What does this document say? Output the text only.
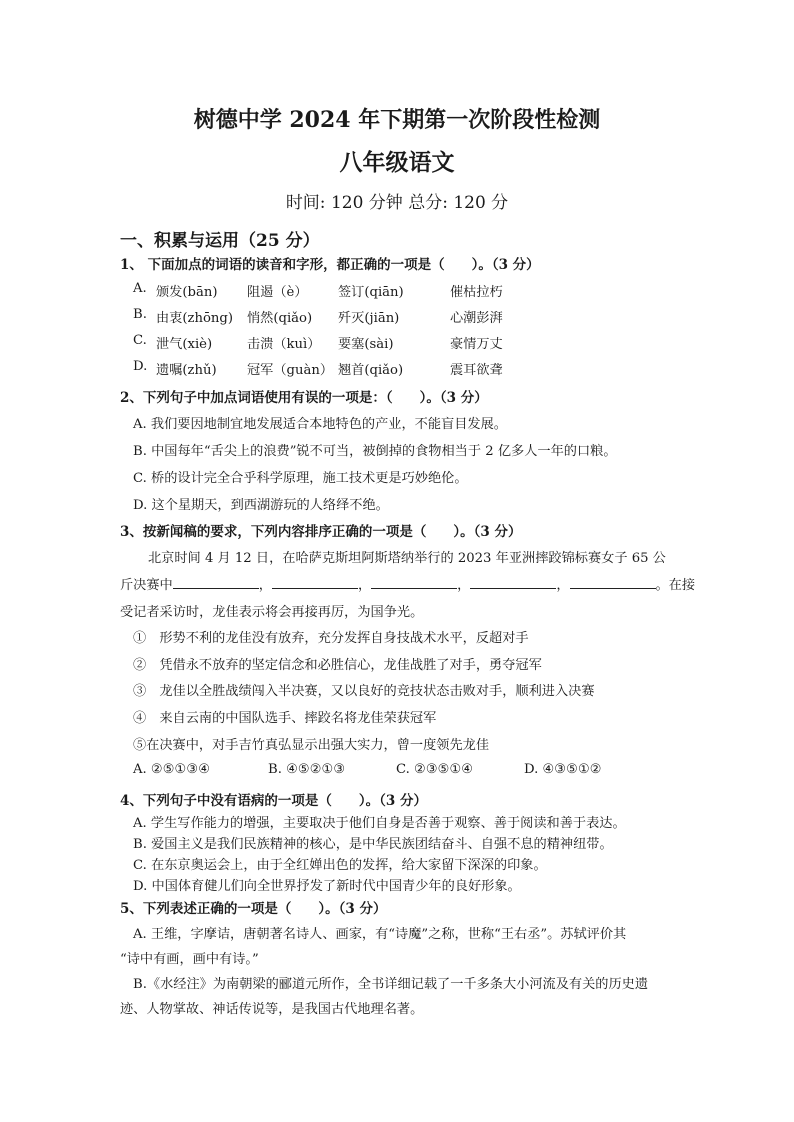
树德中学 2024 年下期第一次阶段性检测
八年级语文
时间: 120 分钟 总分: 120 分
一、积累与运用（25 分）
1、 下面加点的词语的读音和字形，都正确的一项是（　　）。（3 分）
A. 颁发(bān) 阻遏（è） 签订(qiān)	催枯拉朽
B. 由衷(zhōng) 悄然(qiǎo) 歼灭(jiān)	心潮彭湃
C. 泄气(xiè)	击溃（kuì） 要塞(sài)	豪情万丈
D. 遗嘱(zhǔ) 冠军（guàn） 翘首(qiǎo)	震耳欲聋
2、下列句子中加点词语使用有误的一项是：（　　）。（3 分）
A. 我们要因地制宜地发展适合本地特色的产业，不能盲目发展。
B. 中国每年“舌尖上的浪费”锐不可当，被倒掉的食物相当于 2 亿多人一年的口粮。
C. 桥的设计完全合乎科学原理，施工技术更是巧妙绝伦。
D. 这个星期天，到西湖游玩的人络绎不绝。
3、按新闻稿的要求，下列内容排序正确的一项是（　　）。（3 分）
北京时间 4 月 12 日，在哈萨克斯坦阿斯塔纳举行的 2023 年亚洲摔跤锦标赛女子 65 公
斤决赛中	，	，	，	，	。在接
受记者采访时，龙佳表示将会再接再厉，为国争光。
①　形势不利的龙佳没有放弃，充分发挥自身技战术水平，反超对手
②　凭借永不放弃的坚定信念和必胜信心，龙佳战胜了对手，勇夺冠军
③　龙佳以全胜战绩闯入半决赛，又以良好的竞技状态击败对手，顺利进入决赛
④　来自云南的中国队选手、摔跤名将龙佳荣获冠军
⑤在决赛中，对手吉竹真弘显示出强大实力，曾一度领先龙佳
A. ②⑤①③④	B. ④⑤②①③	C. ②③⑤①④	D. ④③⑤①②
4、下列句子中没有语病的一项是（　　）。（3 分）
A. 学生写作能力的增强，主要取决于他们自身是否善于观察、善于阅读和善于表达。
B. 爱国主义是我们民族精神的核心，是中华民族团结奋斗、自强不息的精神纽带。
C. 在东京奥运会上，由于全红婵出色的发挥，给大家留下深深的印象。
D. 中国体育健儿们向全世界抒发了新时代中国青少年的良好形象。
5、下列表述正确的一项是（　　）。（3 分）
A. 王维，字摩诘，唐朝著名诗人、画家，有“诗魔”之称，世称“王右丞”。苏轼评价其
“诗中有画，画中有诗。”
B.《水经注》为南朝梁的郦道元所作，全书详细记载了一千多条大小河流及有关的历史遗
迹、人物掌故、神话传说等，是我国古代地理名著。
